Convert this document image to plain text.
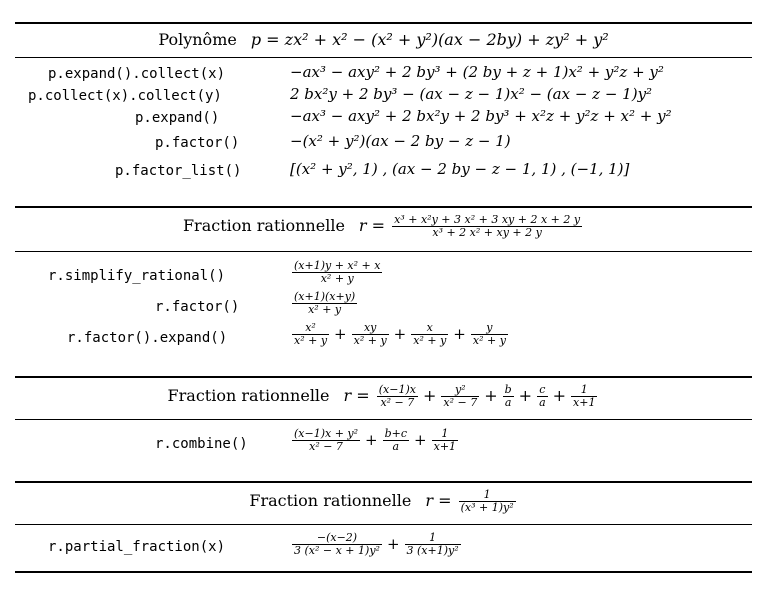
Polynôme p = zx² + x² − (x² + y²)(ax − 2by) + zy² + y²
p.expand().collect(x)	−ax³ − axy² + 2 by³ + (2 by + z + 1)x² + y²z + y²
p.collect(x).collect(y)	2 bx²y + 2 by³ − (ax − z − 1)x² − (ax − z − 1)y²
p.expand()	−ax³ − axy² + 2 bx²y + 2 by³ + x²z + y²z + x² + y²
p.factor()	−(x² + y²)(ax − 2 by − z − 1)
p.factor_list()	[(x² + y², 1) , (ax − 2 by − z − 1, 1) , (−1, 1)]
Fraction rationnelle $r = \frac{\text{x³ + x²y + 3 x² + 3 xy + 2 x + 2 y}}{\text{x³ + 2 x² + xy + 2 y}}$
r.simplify_rational()	$\frac{\text{(x+1)y + x² + x}}{\text{x² + y}}$
r.factor()	$\frac{(x+1)(x+y)}{\text{x² + y}}$
r.factor().expand()	$\frac{\text{x²}}{\text{x² + y}} + \frac{xy}{\text{x² + y}} + \frac{x}{\text{x² + y}} + \frac{y}{\text{x² + y}}$
Fraction rationnelle $r = \frac{(x-1)x}{\text{x² − 7}} + \frac{\text{y²}}{\text{x² − 7}} + \frac{b}{a} + \frac{c}{a} + \frac{1}{x+1}$
r.combine()	$\frac{\text{(x−1)x + y²}}{\text{x² − 7}} + \frac{b+c}{a} + \frac{1}{x+1}$
Fraction rationnelle $r = \frac{1}{\text{(x³ + 1)y²}}$
r.partial_fraction(x)	$\frac{-(x-2)}{\text{3 (x² − x + 1)y²}} + \frac{1}{\text{3 (x+1)y²}}$
